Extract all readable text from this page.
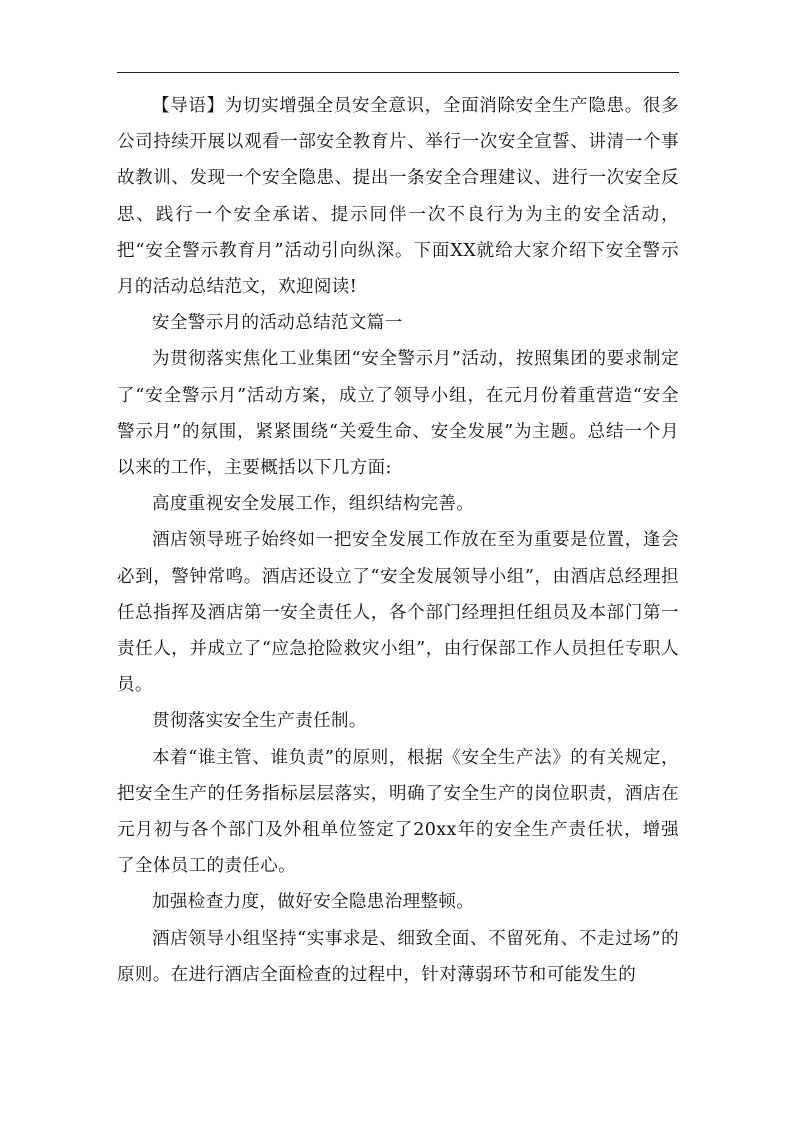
【导语】为切实增强全员安全意识，全面消除安全生产隐患。很多公司持续开展以观看一部安全教育片、举行一次安全宣誓、讲清一个事故教训、发现一个安全隐患、提出一条安全合理建议、进行一次安全反思、践行一个安全承诺、提示同伴一次不良行为为主的安全活动，把“安全警示教育月”活动引向纵深。下面XX就给大家介绍下安全警示月的活动总结范文，欢迎阅读!

安全警示月的活动总结范文篇一

为贯彻落实焦化工业集团“安全警示月”活动，按照集团的要求制定了“安全警示月”活动方案，成立了领导小组，在元月份着重营造“安全警示月”的氛围，紧紧围绕“关爱生命、安全发展”为主题。总结一个月以来的工作，主要概括以下几方面:

高度重视安全发展工作，组织结构完善。

酒店领导班子始终如一把安全发展工作放在至为重要是位置，逢会必到，警钟常鸣。酒店还设立了“安全发展领导小组”，由酒店总经理担任总指挥及酒店第一安全责任人，各个部门经理担任组员及本部门第一责任人，并成立了“应急抢险救灾小组”，由行保部工作人员担任专职人员。

贯彻落实安全生产责任制。

本着“谁主管、谁负责”的原则，根据《安全生产法》的有关规定，把安全生产的任务指标层层落实，明确了安全生产的岗位职责，酒店在元月初与各个部门及外租单位签定了20xx年的安全生产责任状，增强了全体员工的责任心。

加强检查力度，做好安全隐患治理整顿。

酒店领导小组坚持“实事求是、细致全面、不留死角、不走过场”的原则。在进行酒店全面检查的过程中，针对薄弱环节和可能发生的
